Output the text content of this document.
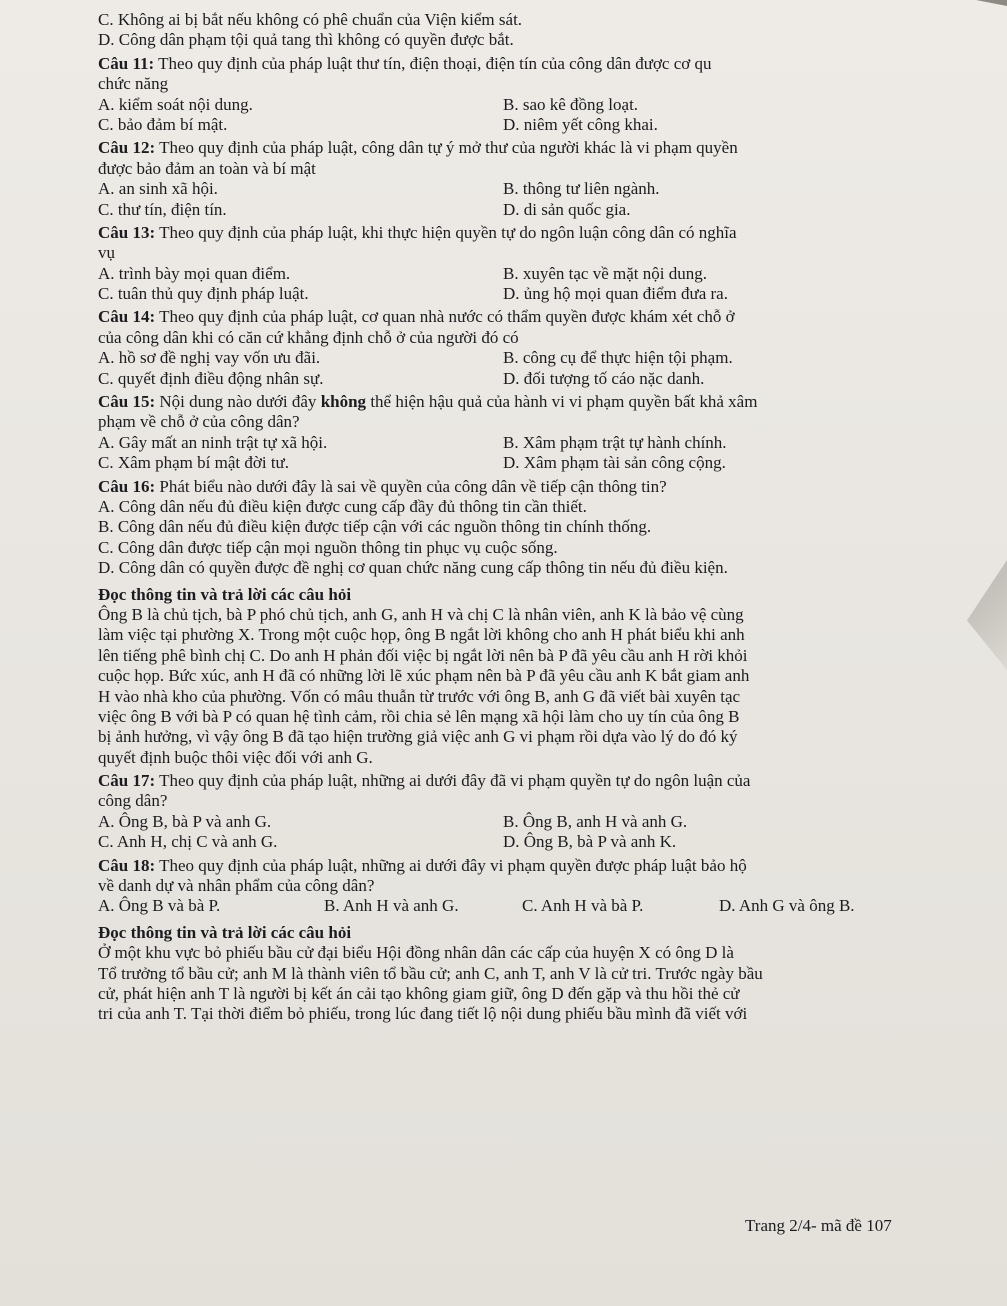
C. Không ai bị bắt nếu không có phê chuẩn của Viện kiểm sát.
D. Công dân phạm tội quả tang thì không có quyền được bắt.
Câu 11: Theo quy định của pháp luật thư tín, điện thoại, điện tín của công dân được cơ qu
chức năng
A. kiểm soát nội dung.	B. sao kê đồng loạt.
C. bảo đảm bí mật.	D. niêm yết công khai.
Câu 12: Theo quy định của pháp luật, công dân tự ý mở thư của người khác là vi phạm quyền
được bảo đảm an toàn và bí mật
A. an sinh xã hội.	B. thông tư liên ngành.
C. thư tín, điện tín.	D. di sản quốc gia.
Câu 13: Theo quy định của pháp luật, khi thực hiện quyền tự do ngôn luận công dân có nghĩa
vụ
A. trình bày mọi quan điểm.	B. xuyên tạc về mặt nội dung.
C. tuân thủ quy định pháp luật.	D. ủng hộ mọi quan điểm đưa ra.
Câu 14: Theo quy định của pháp luật, cơ quan nhà nước có thẩm quyền được khám xét chỗ ở
của công dân khi có căn cứ khẳng định chỗ ở của người đó có
A. hồ sơ đề nghị vay vốn ưu đãi.	B. công cụ để thực hiện tội phạm.
C. quyết định điều động nhân sự.	D. đối tượng tố cáo nặc danh.
Câu 15: Nội dung nào dưới đây không thể hiện hậu quả của hành vi vi phạm quyền bất khả xâm
phạm về chỗ ở của công dân?
A. Gây mất an ninh trật tự xã hội.	B. Xâm phạm trật tự hành chính.
C. Xâm phạm bí mật đời tư.	D. Xâm phạm tài sản công cộng.
Câu 16: Phát biểu nào dưới đây là sai về quyền của công dân về tiếp cận thông tin?
A. Công dân nếu đủ điều kiện được cung cấp đầy đủ thông tin cần thiết.
B. Công dân nếu đủ điều kiện được tiếp cận với các nguồn thông tin chính thống.
C. Công dân được tiếp cận mọi nguồn thông tin phục vụ cuộc sống.
D. Công dân có quyền được đề nghị cơ quan chức năng cung cấp thông tin nếu đủ điều kiện.
Đọc thông tin và trả lời các câu hỏi
Ông B là chủ tịch, bà P phó chủ tịch, anh G, anh H và chị C là nhân viên, anh K là bảo vệ cùng
làm việc tại phường X. Trong một cuộc họp, ông B ngắt lời không cho anh H phát biểu khi anh
lên tiếng phê bình chị C. Do anh H phản đối việc bị ngắt lời nên bà P đã yêu cầu anh H rời khỏi
cuộc họp. Bức xúc, anh H đã có những lời lẽ xúc phạm nên bà P đã yêu cầu anh K bắt giam anh
H vào nhà kho của phường. Vốn có mâu thuẫn từ trước với ông B, anh G đã viết bài xuyên tạc
việc ông B với bà P có quan hệ tình cảm, rồi chia sẻ lên mạng xã hội làm cho uy tín của ông B
bị ảnh hưởng, vì vậy ông B đã tạo hiện trường giả việc anh G vi phạm rồi dựa vào lý do đó ký
quyết định buộc thôi việc đối với anh G.
Câu 17: Theo quy định của pháp luật, những ai dưới đây đã vi phạm quyền tự do ngôn luận của
công dân?
A. Ông B, bà P và anh G.	B. Ông B, anh H và anh G.
C. Anh H, chị C và anh G.	D. Ông B, bà P và anh K.
Câu 18: Theo quy định của pháp luật, những ai dưới đây vi phạm quyền được pháp luật bảo hộ
về danh dự và nhân phẩm của công dân?
A. Ông B và bà P.	B. Anh H và anh G.	C. Anh H và bà P.	D. Anh G và ông B.
Đọc thông tin và trả lời các câu hỏi
Ở một khu vực bỏ phiếu bầu cử đại biểu Hội đồng nhân dân các cấp của huyện X có ông D là
Tổ trưởng tổ bầu cử; anh M là thành viên tổ bầu cử; anh C, anh T, anh V là cử tri. Trước ngày bầu
cử, phát hiện anh T là người bị kết án cải tạo không giam giữ, ông D đến gặp và thu hồi thẻ cử
tri của anh T. Tại thời điểm bỏ phiếu, trong lúc đang tiết lộ nội dung phiếu bầu mình đã viết với
Trang 2/4- mã đề 107
